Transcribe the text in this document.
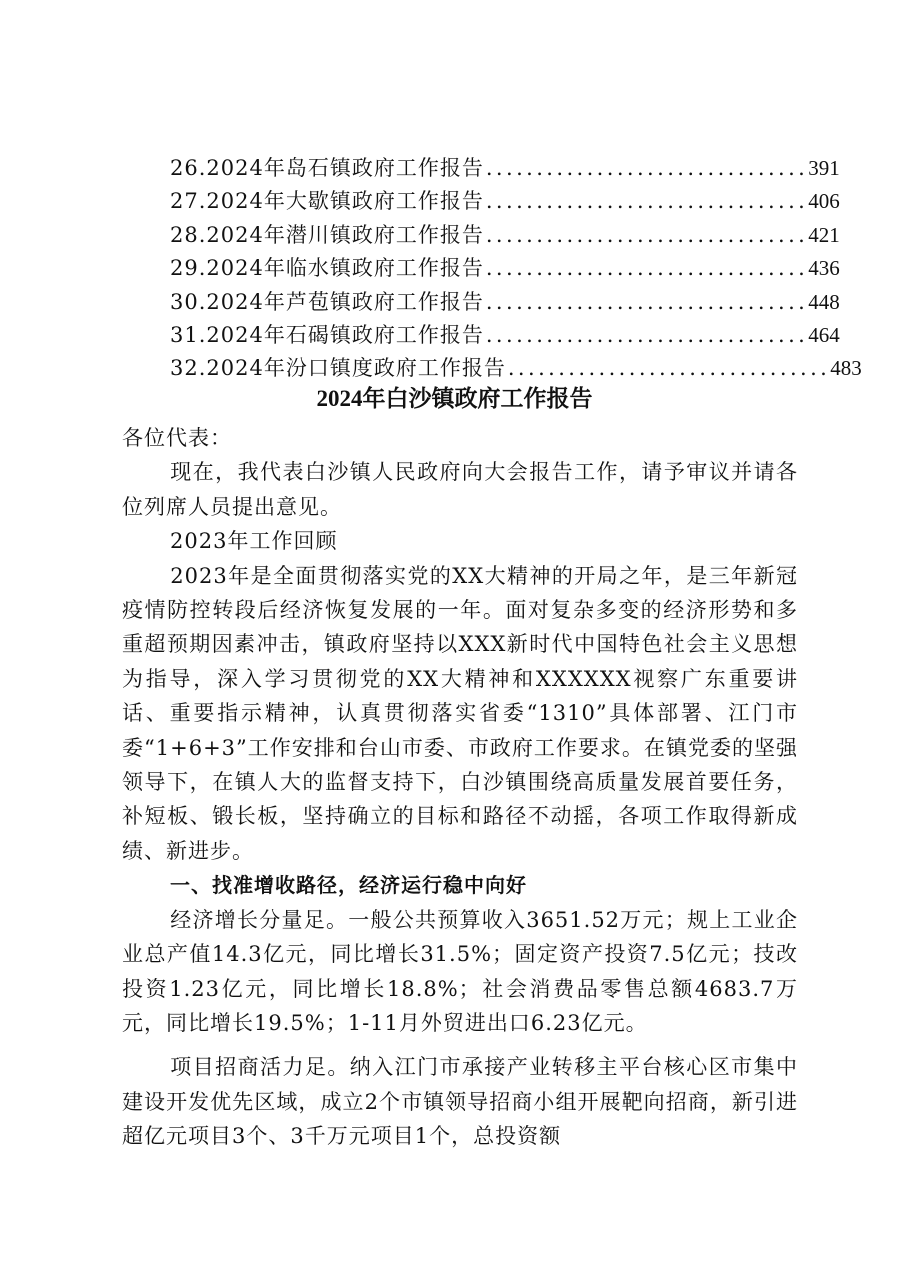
26.2024年岛石镇政府工作报告 ................................ 391
27.2024年大歇镇政府工作报告 ................................ 406
28.2024年潜川镇政府工作报告 ................................ 421
29.2024年临水镇政府工作报告 ................................ 436
30.2024年芦苞镇政府工作报告 ................................ 448
31.2024年石碣镇政府工作报告 ................................ 464
32.2024年汾口镇度政府工作报告 ................................ 483
2024年白沙镇政府工作报告

各位代表：

现在，我代表白沙镇人民政府向大会报告工作，请予审议并请各位列席人员提出意见。

2023年工作回顾

2023年是全面贯彻落实党的XX大精神的开局之年，是三年新冠疫情防控转段后经济恢复发展的一年。面对复杂多变的经济形势和多重超预期因素冲击，镇政府坚持以XXX新时代中国特色社会主义思想为指导，深入学习贯彻党的XX大精神和XXXXXX视察广东重要讲话、重要指示精神，认真贯彻落实省委“1310”具体部署、江门市委“1+6+3”工作安排和台山市委、市政府工作要求。在镇党委的坚强领导下，在镇人大的监督支持下，白沙镇围绕高质量发展首要任务，补短板、锻长板，坚持确立的目标和路径不动摇，各项工作取得新成绩、新进步。

一、找准增收路径，经济运行稳中向好

经济增长分量足。一般公共预算收入3651.52万元；规上工业企业总产值14.3亿元，同比增长31.5%；固定资产投资7.5亿元；技改投资1.23亿元，同比增长18.8%；社会消费品零售总额4683.7万元，同比增长19.5%；1-11月外贸进出口6.23亿元。

项目招商活力足。纳入江门市承接产业转移主平台核心区市集中建设开发优先区域，成立2个市镇领导招商小组开展靶向招商，新引进超亿元项目3个、3千万元项目1个，总投资额
